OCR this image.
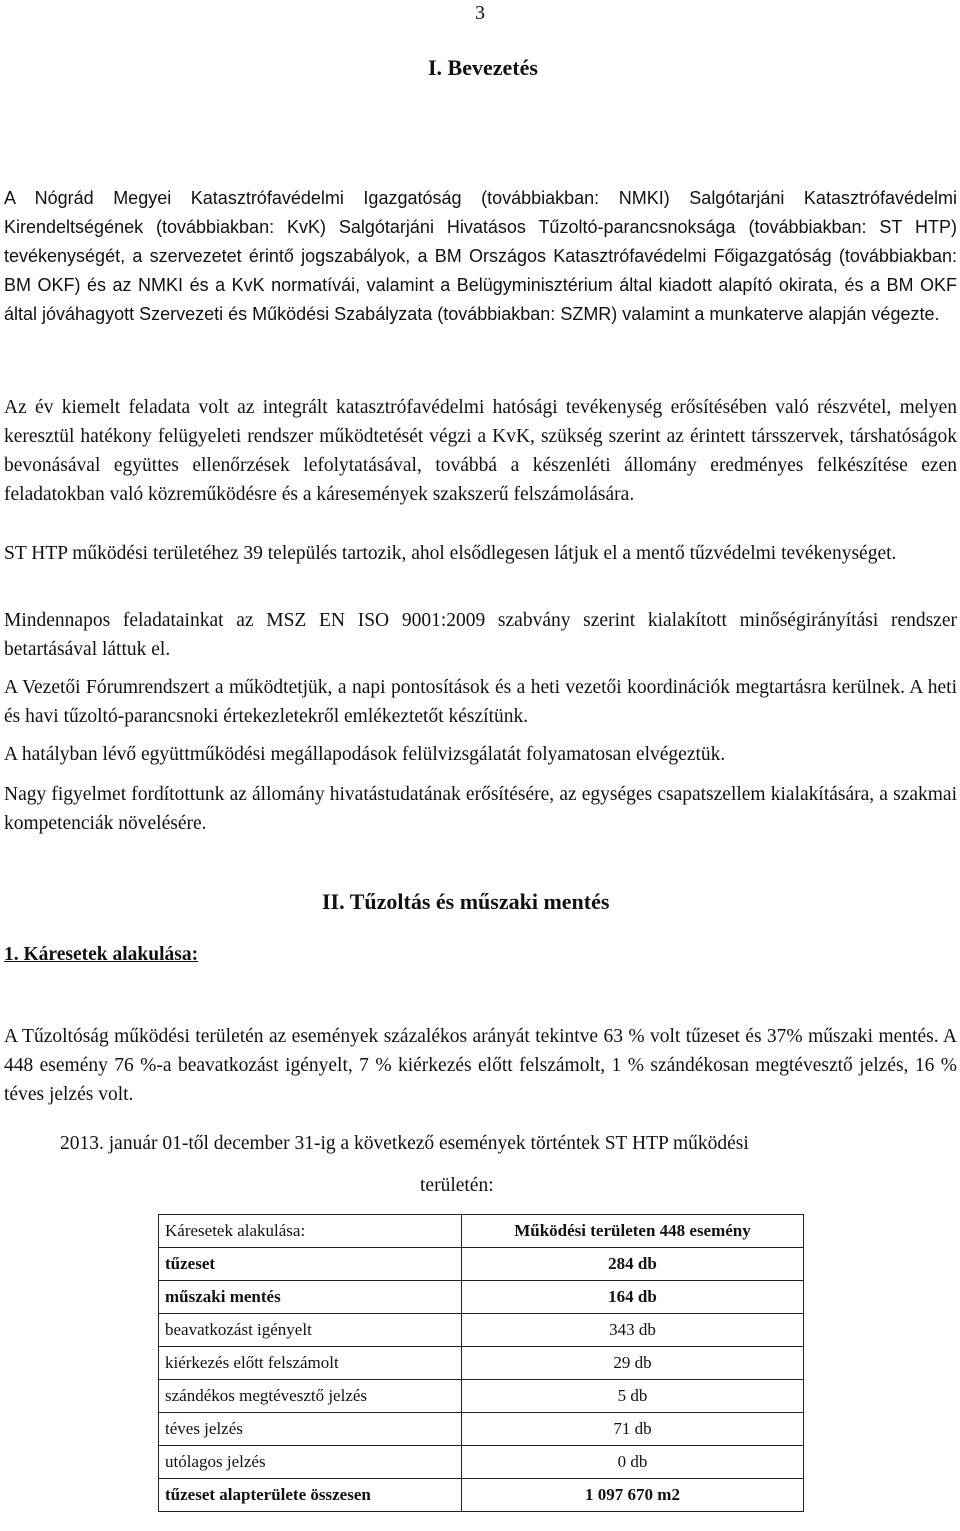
3
I. Bevezetés
A Nógrád Megyei Katasztrófavédelmi Igazgatóság (továbbiakban: NMKI) Salgótarjáni Katasztrófavédelmi Kirendeltségének (továbbiakban: KvK) Salgótarjáni Hivatásos Tűzoltó-parancsnoksága (továbbiakban: ST HTP) tevékenységét, a szervezetet érintő jogszabályok, a BM Országos Katasztrófavédelmi Főigazgatóság (továbbiakban: BM OKF) és az NMKI és a KvK normatívái, valamint a Belügyminisztérium által kiadott alapító okirata, és a BM OKF által jóváhagyott Szervezeti és Működési Szabályzata (továbbiakban: SZMR) valamint a munkaterve alapján végezte.
Az év kiemelt feladata volt az integrált katasztrófavédelmi hatósági tevékenység erősítésében való részvétel, melyen keresztül hatékony felügyeleti rendszer működtetését végzi a KvK, szükség szerint az érintett társszervek, társhatóságok bevonásával együttes ellenőrzések lefolytatásával, továbbá a készenléti állomány eredményes felkészítése ezen feladatokban való közreműködésre és a káresemények szakszerű felszámolására.
ST HTP működési területéhez 39 település tartozik, ahol elsődlegesen látjuk el a mentő tűzvédelmi tevékenységet.
Mindennapos feladatainkat az MSZ EN ISO 9001:2009 szabvány szerint kialakított minőségirányítási rendszer betartásával láttuk el.
A Vezetői Fórumrendszert a működtetjük, a napi pontosítások és a heti vezetői koordinációk megtartásra kerülnek. A heti és havi tűzoltó-parancsnoki értekezletekről emlékeztetőt készítünk.
A hatályban lévő együttműködési megállapodások felülvizsgálatát folyamatosan elvégeztük.
Nagy figyelmet fordítottunk az állomány hivatástudatának erősítésére, az egységes csapatszellem kialakítására, a szakmai kompetenciák növelésére.
II. Tűzoltás és műszaki mentés
1. Káresetek alakulása:
A Tűzoltóság működési területén az események százalékos arányát tekintve 63 % volt tűzeset és 37% műszaki mentés. A 448 esemény 76 %-a beavatkozást igényelt, 7 % kiérkezés előtt felszámolt, 1 % szándékosan megtévesztő jelzés, 16 % téves jelzés volt.
2013. január 01-től december 31-ig a következő események történtek ST HTP működési
területén:
Káresetek alakulása:	Működési területen 448 esemény
tűzeset	284 db
műszaki mentés	164 db
beavatkozást igényelt	343 db
kiérkezés előtt felszámolt	29 db
szándékos megtévesztő jelzés	5 db
téves jelzés	71 db
utólagos jelzés	0 db
tűzeset alapterülete összesen	1 097 670 m2
